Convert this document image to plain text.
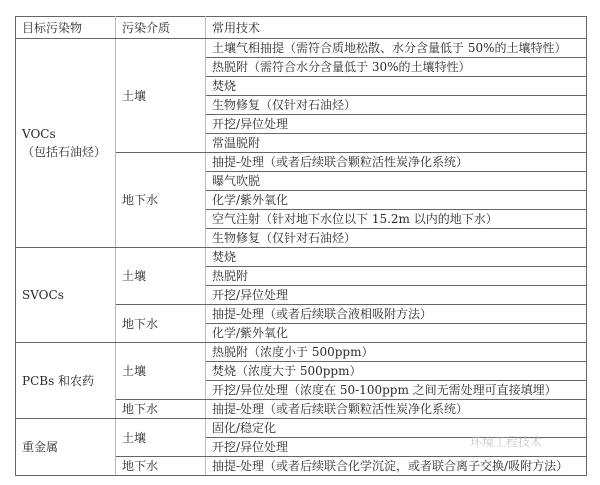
目标污染物	污染介质	常用技术

VOCs
（包括石油烃）	土壤	土壤气相抽提（需符合质地松散、水分含量低于 50%的土壤特性）
		热脱附（需符合水分含量低于 30%的土壤特性）
		焚烧
		生物修复（仅针对石油烃）
		开挖/异位处理
		常温脱附
	地下水	抽提-处理（或者后续联合颗粒活性炭净化系统）
		曝气吹脱
		化学/紫外氧化
		空气注射（针对地下水位以下 15.2m 以内的地下水）
		生物修复（仅针对石油烃）

SVOCs	土壤	焚烧
		热脱附
		开挖/异位处理
	地下水	抽提-处理（或者后续联合液相吸附方法）
		化学/紫外氧化

PCBs 和农药	土壤	热脱附（浓度小于 500ppm）
		焚烧（浓度大于 500ppm）
		开挖/异位处理（浓度在 50-100ppm 之间无需处理可直接填埋）
	地下水	抽提-处理（或者后续联合颗粒活性炭净化系统）

重金属	土壤	固化/稳定化
		开挖/异位处理
	地下水	抽提-处理（或者后续联合化学沉淀，或者联合离子交换/吸附方法）
环境工程技术
